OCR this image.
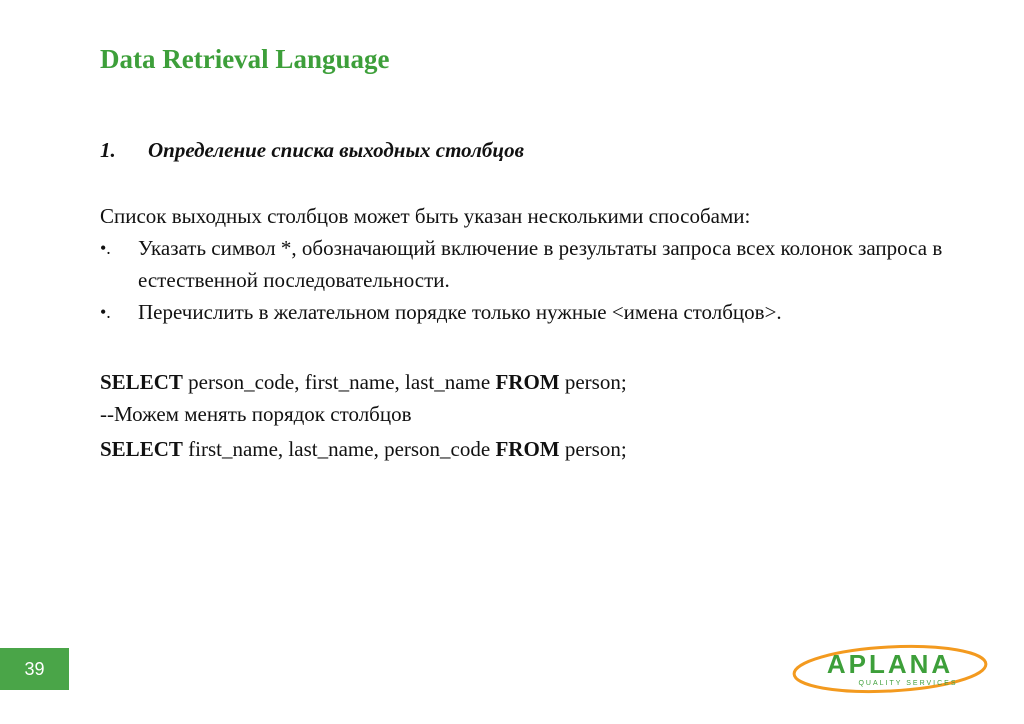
Data Retrieval Language
1. Определение списка выходных столбцов
Список выходных столбцов может быть указан несколькими способами:
•. Указать символ *, обозначающий включение в результаты запроса всех колонок запроса в естественной последовательности.
•. Перечислить в желательном порядке только нужные <имена столбцов>.
SELECT person_code, first_name, last_name FROM person;
--Можем менять порядок столбцов
SELECT first_name, last_name, person_code FROM person;
39	APLANA
QUALITY SERVICES
